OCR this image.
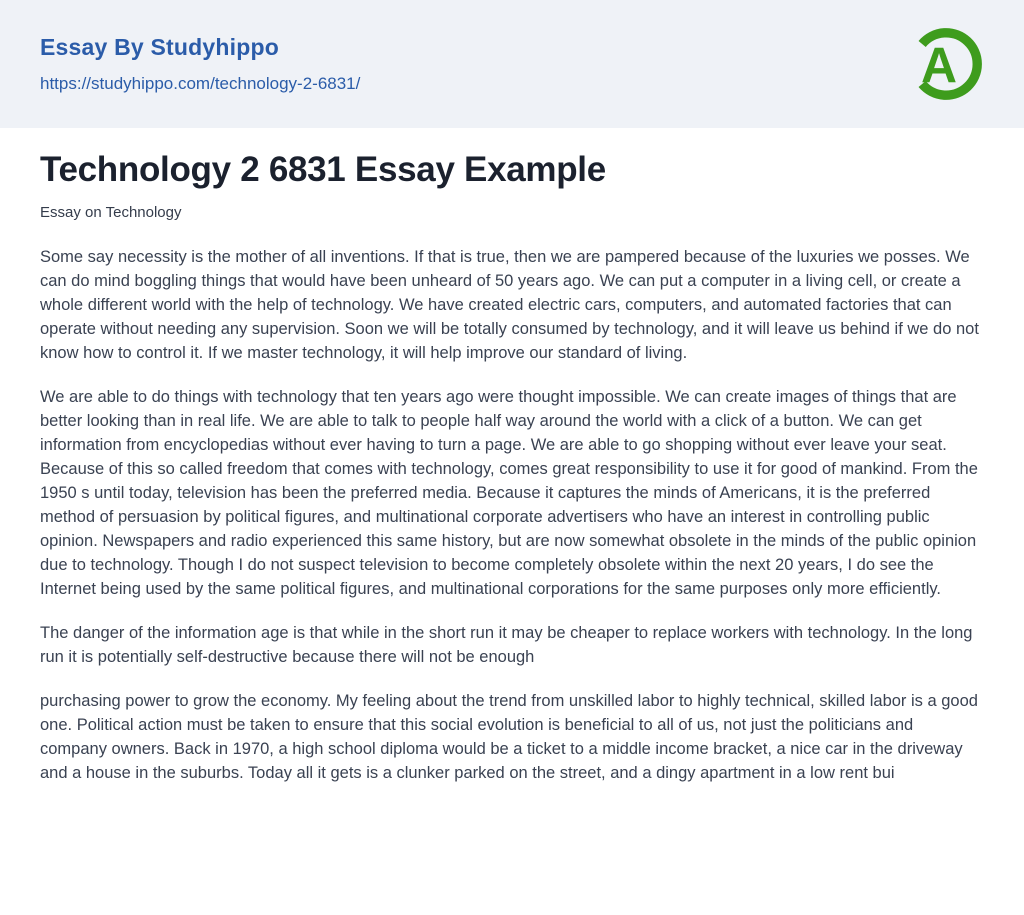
Essay By Studyhippo
https://studyhippo.com/technology-2-6831/	A
Technology 2 6831 Essay Example
Essay on Technology

Some say necessity is the mother of all inventions. If that is true, then we are pampered because of the luxuries we posses. We can do mind boggling things that would have been unheard of 50 years ago. We can put a computer in a living cell, or create a whole different world with the help of technology. We have created electric cars, computers, and automated factories that can operate without needing any supervision. Soon we will be totally consumed by technology, and it will leave us behind if we do not know how to control it. If we master technology, it will help improve our standard of living.

We are able to do things with technology that ten years ago were thought impossible. We can create images of things that are better looking than in real life. We are able to talk to people half way around the world with a click of a button. We can get information from encyclopedias without ever having to turn a page. We are able to go shopping without ever leave your seat. Because of this so called freedom that comes with technology, comes great responsibility to use it for good of mankind. From the 1950 s until today, television has been the preferred media. Because it captures the minds of Americans, it is the preferred method of persuasion by political figures, and multinational corporate advertisers who have an interest in controlling public opinion. Newspapers and radio experienced this same history, but are now somewhat obsolete in the minds of the public opinion due to technology. Though I do not suspect television to become completely obsolete within the next 20 years, I do see the Internet being used by the same political figures, and multinational corporations for the same purposes only more efficiently.

The danger of the information age is that while in the short run it may be cheaper to replace workers with technology. In the long run it is potentially self-destructive because there will not be enough

purchasing power to grow the economy. My feeling about the trend from unskilled labor to highly technical, skilled labor is a good one. Political action must be taken to ensure that this social evolution is beneficial to all of us, not just the politicians and company owners. Back in 1970, a high school diploma would be a ticket to a middle income bracket, a nice car in the driveway and a house in the suburbs. Today all it gets is a clunker parked on the street, and a dingy apartment in a low rent bui
